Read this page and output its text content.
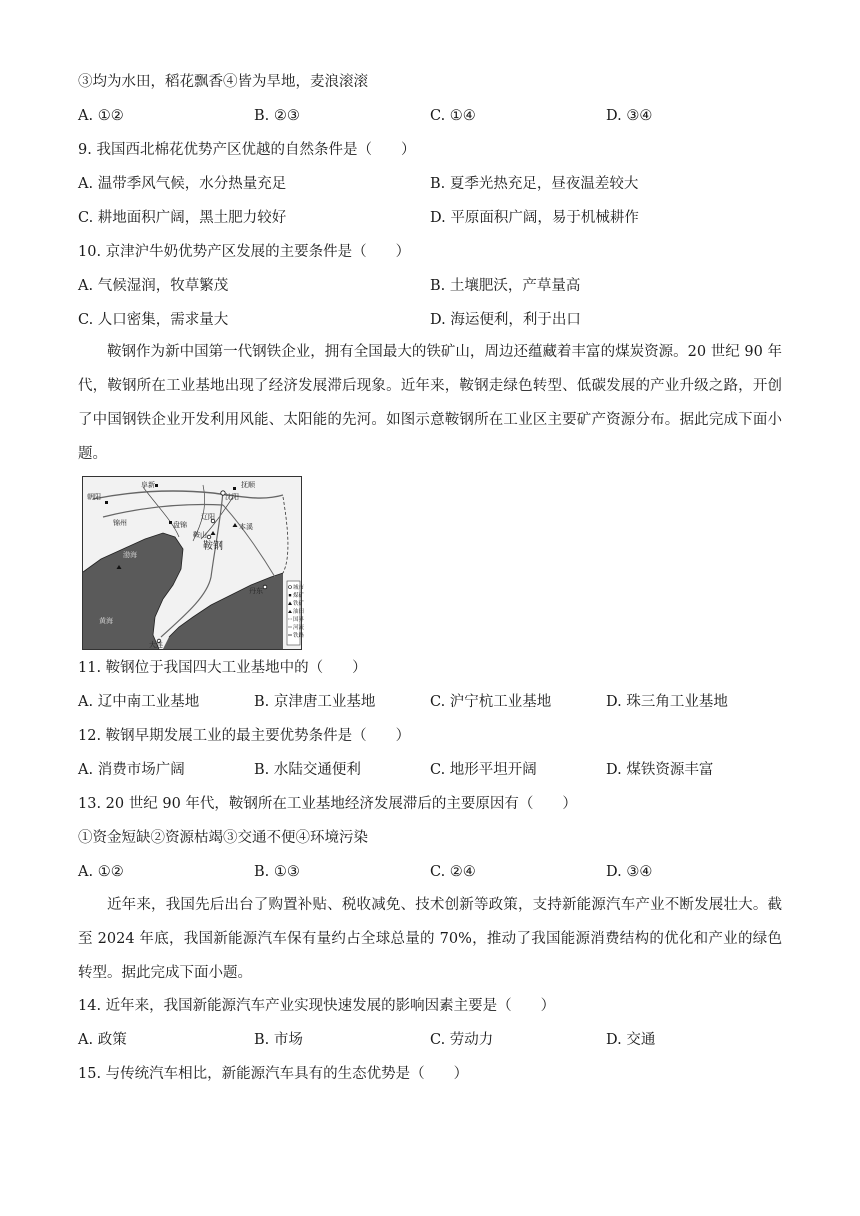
③均为水田，稻花飘香④皆为旱地，麦浪滚滚
A. ①②	B. ②③	C. ①④	D. ③④
9. 我国西北棉花优势产区优越的自然条件是（　　）
A. 温带季风气候，水分热量充足	B. 夏季光热充足，昼夜温差较大
C. 耕地面积广阔，黑土肥力较好	D. 平原面积广阔，易于机械耕作
10. 京津沪牛奶优势产区发展的主要条件是（　　）
A. 气候湿润，牧草繁茂	B. 土壤肥沃，产草量高
C. 人口密集，需求量大	D. 海运便利，利于出口

鞍钢作为新中国第一代钢铁企业，拥有全国最大的铁矿山，周边还蕴藏着丰富的煤炭资源。20 世纪 90 年代，鞍钢所在工业基地出现了经济发展滞后现象。近年来，鞍钢走绿色转型、低碳发展的产业升级之路，开创了中国钢铁企业开发利用风能、太阳能的先河。如图示意鞍钢所在工业区主要矿产资源分布。据此完成下面小题。

朝阳
阜新
沈阳
抚顺
锦州	盘锦
辽阳
本溪
鞍山
丹东
大连
鞍钢
渤海
黄海
城市
煤矿
铁矿
油田
国界
河流
铁路
11. 鞍钢位于我国四大工业基地中的（　　）
A. 辽中南工业基地	B. 京津唐工业基地	C. 沪宁杭工业基地	D. 珠三角工业基地
12. 鞍钢早期发展工业的最主要优势条件是（　　）
A. 消费市场广阔	B. 水陆交通便利	C. 地形平坦开阔	D. 煤铁资源丰富
13. 20 世纪 90 年代，鞍钢所在工业基地经济发展滞后的主要原因有（　　）
①资金短缺②资源枯竭③交通不便④环境污染
A. ①②	B. ①③	C. ②④	D. ③④

近年来，我国先后出台了购置补贴、税收减免、技术创新等政策，支持新能源汽车产业不断发展壮大。截至 2024 年底，我国新能源汽车保有量约占全球总量的 70%，推动了我国能源消费结构的优化和产业的绿色转型。据此完成下面小题。

14. 近年来，我国新能源汽车产业实现快速发展的影响因素主要是（　　）
A. 政策	B. 市场	C. 劳动力	D. 交通
15. 与传统汽车相比，新能源汽车具有的生态优势是（　　）
